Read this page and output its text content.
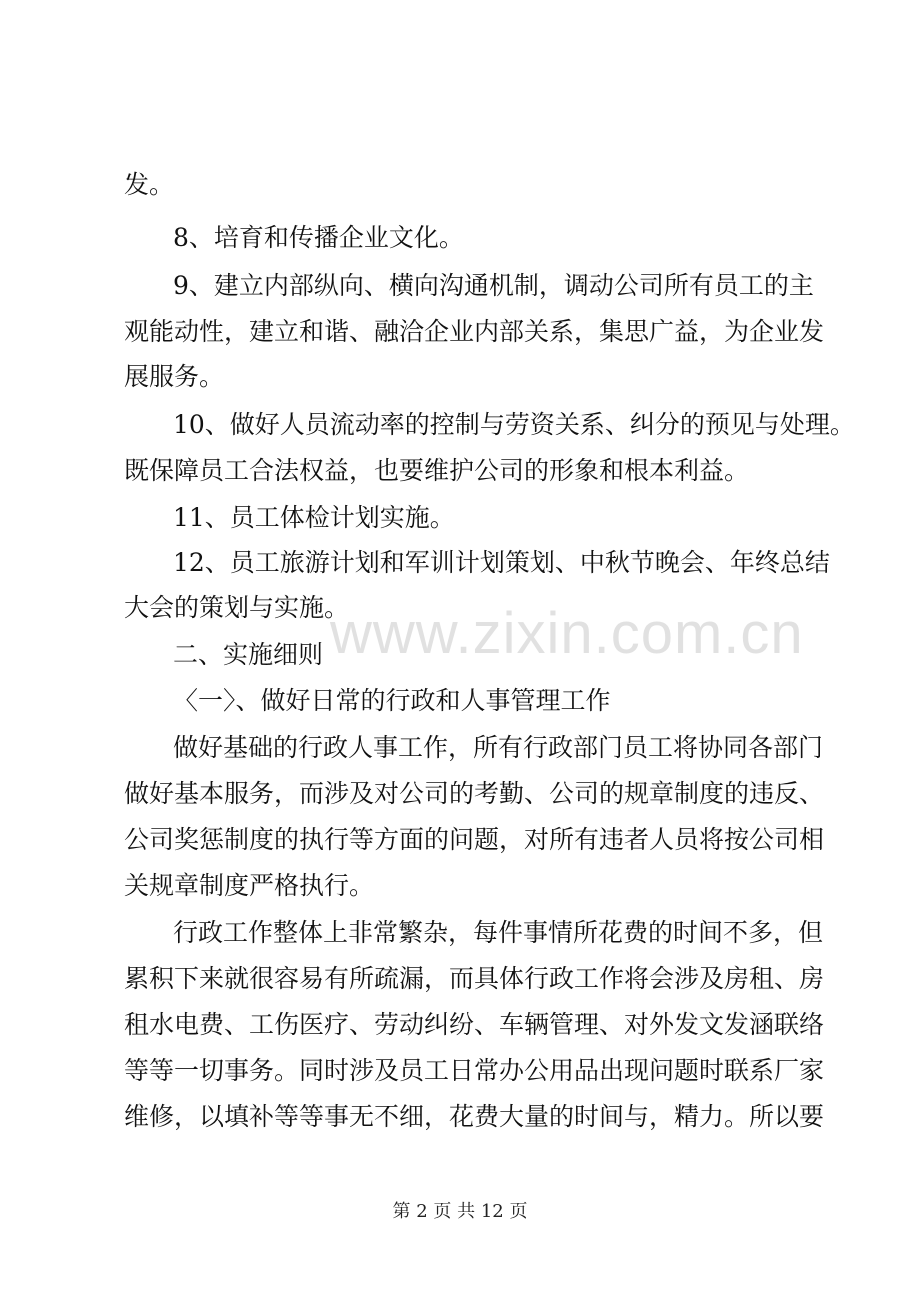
发。
8、培育和传播企业文化。
9、建立内部纵向、横向沟通机制，调动公司所有员工的主
观能动性，建立和谐、融洽企业内部关系，集思广益，为企业发
展服务。
10、做好人员流动率的控制与劳资关系、纠分的预见与处理。
既保障员工合法权益，也要维护公司的形象和根本利益。
11、员工体检计划实施。
12、员工旅游计划和军训计划策划、中秋节晚会、年终总结
大会的策划与实施。
二、实施细则
〈一〉、做好日常的行政和人事管理工作
做好基础的行政人事工作，所有行政部门员工将协同各部门
做好基本服务，而涉及对公司的考勤、公司的规章制度的违反、
公司奖惩制度的执行等方面的问题，对所有违者人员将按公司相
关规章制度严格执行。
行政工作整体上非常繁杂，每件事情所花费的时间不多，但
累积下来就很容易有所疏漏，而具体行政工作将会涉及房租、房
租水电费、工伤医疗、劳动纠纷、车辆管理、对外发文发涵联络
等等一切事务。同时涉及员工日常办公用品出现问题时联系厂家
维修，以填补等等事无不细，花费大量的时间与，精力。所以要
www.zixin.com.cn
第 2 页 共 12 页
